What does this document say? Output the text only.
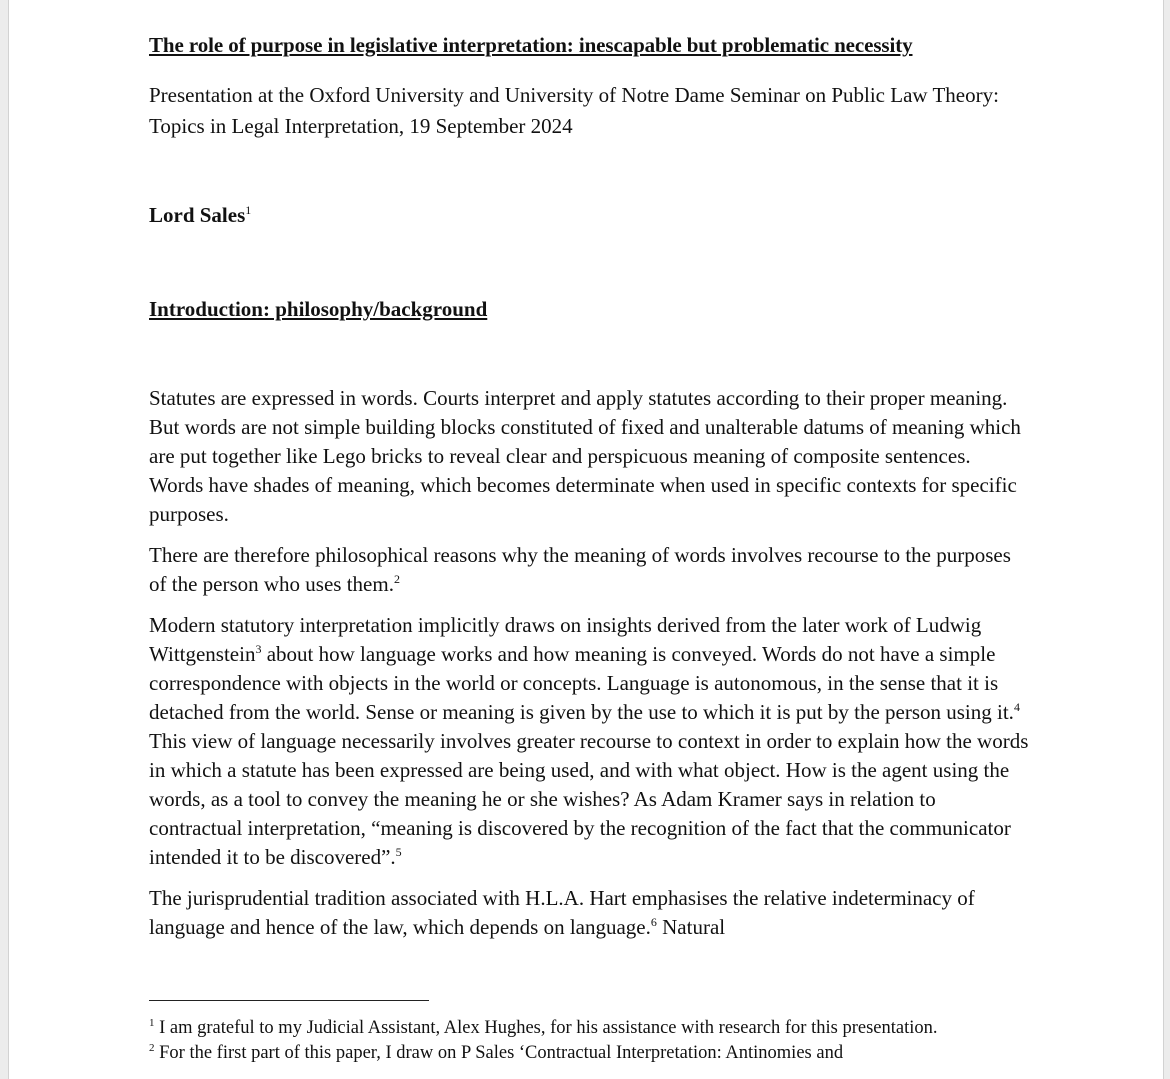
The role of purpose in legislative interpretation: inescapable but problematic necessity

Presentation at the Oxford University and University of Notre Dame Seminar on Public Law Theory: Topics in Legal Interpretation, 19 September 2024

Lord Sales$^1$

Introduction: philosophy/background

Statutes are expressed in words. Courts interpret and apply statutes according to their proper meaning. But words are not simple building blocks constituted of fixed and unalterable datums of meaning which are put together like Lego bricks to reveal clear and perspicuous meaning of composite sentences. Words have shades of meaning, which becomes determinate when used in specific contexts for specific purposes.

There are therefore philosophical reasons why the meaning of words involves recourse to the purposes of the person who uses them.$^2$

Modern statutory interpretation implicitly draws on insights derived from the later work of Ludwig Wittgenstein$^3$ about how language works and how meaning is conveyed. Words do not have a simple correspondence with objects in the world or concepts. Language is autonomous, in the sense that it is detached from the world. Sense or meaning is given by the use to which it is put by the person using it.$^4$ This view of language necessarily involves greater recourse to context in order to explain how the words in which a statute has been expressed are being used, and with what object. How is the agent using the words, as a tool to convey the meaning he or she wishes? As Adam Kramer says in relation to contractual interpretation, “meaning is discovered by the recognition of the fact that the communicator intended it to be discovered”.$^5$

The jurisprudential tradition associated with H.L.A. Hart emphasises the relative indeterminacy of language and hence of the law, which depends on language.$^6$ Natural

$^1$ I am grateful to my Judicial Assistant, Alex Hughes, for his assistance with research for this presentation.

$^2$ For the first part of this paper, I draw on P Sales ‘Contractual Interpretation: Antinomies and
